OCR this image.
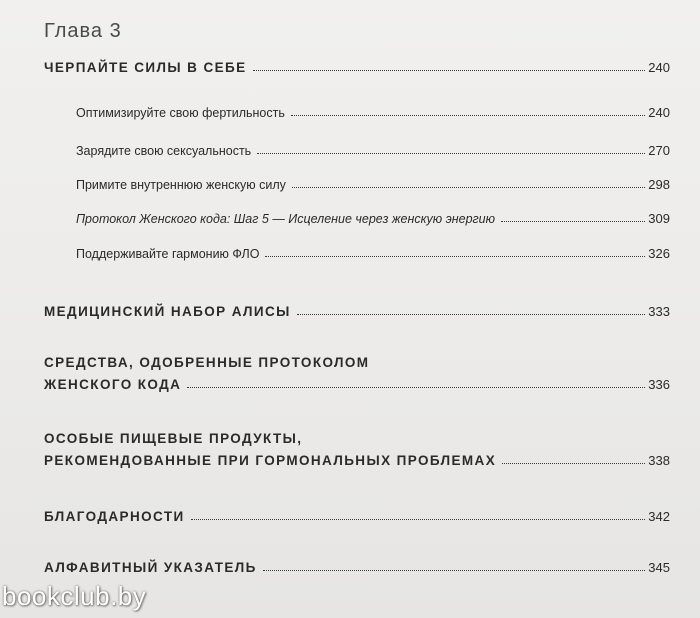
Глава 3
ЧЕРПАЙТЕ СИЛЫ В СЕБЕ	240
Оптимизируйте свою фертильность	240
Зарядите свою сексуальность	270
Примите внутреннюю женскую силу	298
Протокол Женского кода: Шаг 5 — Исцеление через женскую энергию	309
Поддерживайте гармонию ФЛО	326
МЕДИЦИНСКИЙ НАБОР АЛИСЫ	333
СРЕДСТВА, ОДОБРЕННЫЕ ПРОТОКОЛОМ
ЖЕНСКОГО КОДА	336
ОСОБЫЕ ПИЩЕВЫЕ ПРОДУКТЫ,
РЕКОМЕНДОВАННЫЕ ПРИ ГОРМОНАЛЬНЫХ ПРОБЛЕМАХ	338
БЛАГОДАРНОСТИ	342
АЛФАВИТНЫЙ УКАЗАТЕЛЬ	345
bookclub.by
